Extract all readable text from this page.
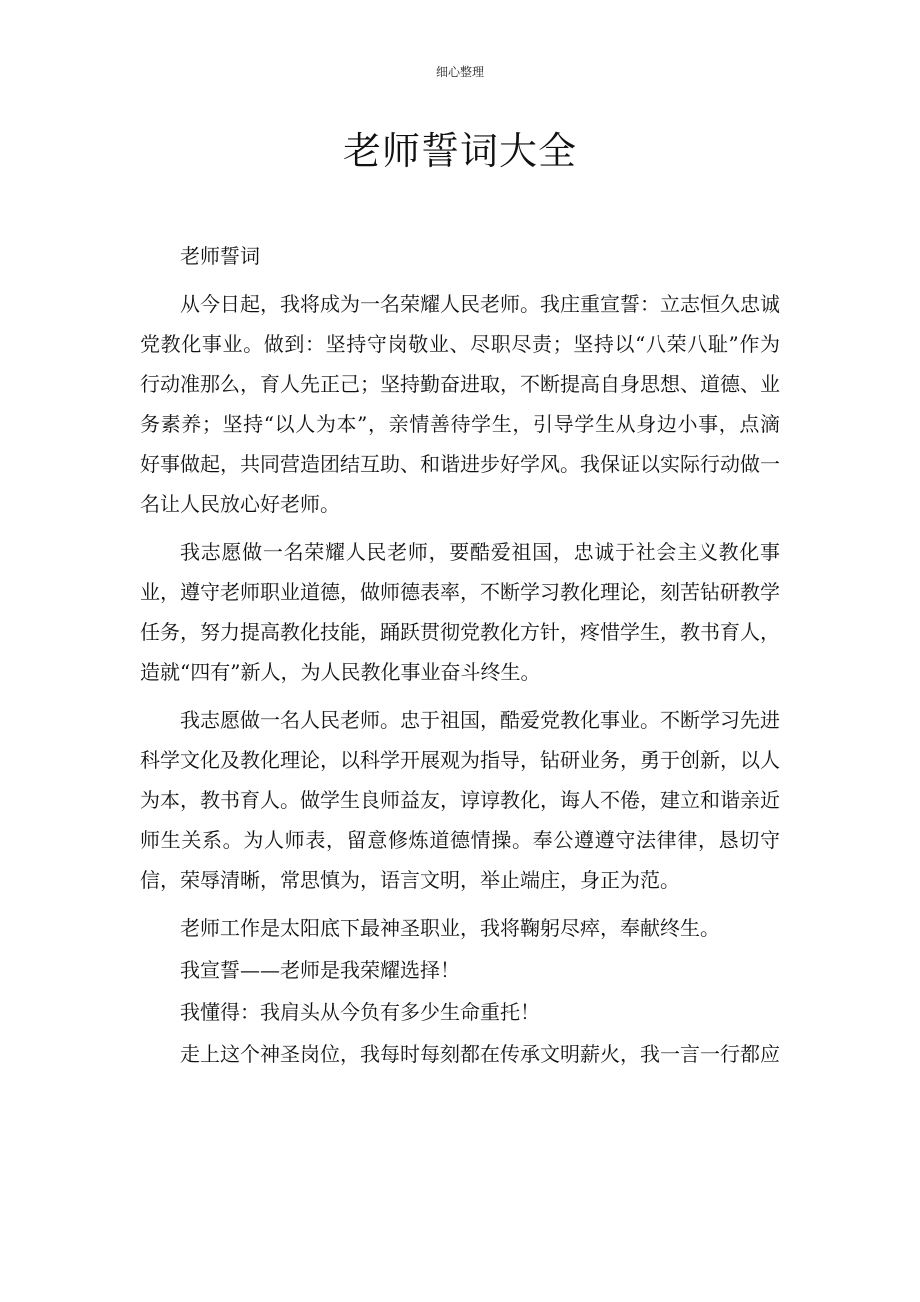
细心整理
老师誓词大全

老师誓词

从今日起，我将成为一名荣耀人民老师。我庄重宣誓：立志恒久忠诚党教化事业。做到：坚持守岗敬业、尽职尽责；坚持以“八荣八耻”作为行动准那么，育人先正己；坚持勤奋进取，不断提高自身思想、道德、业务素养；坚持“以人为本”，亲情善待学生，引导学生从身边小事，点滴好事做起，共同营造团结互助、和谐进步好学风。我保证以实际行动做一名让人民放心好老师。

我志愿做一名荣耀人民老师，要酷爱祖国，忠诚于社会主义教化事业，遵守老师职业道德，做师德表率，不断学习教化理论，刻苦钻研教学任务，努力提高教化技能，踊跃贯彻党教化方针，疼惜学生，教书育人，造就“四有”新人，为人民教化事业奋斗终生。

我志愿做一名人民老师。忠于祖国，酷爱党教化事业。不断学习先进科学文化及教化理论，以科学开展观为指导，钻研业务，勇于创新，以人为本，教书育人。做学生良师益友，谆谆教化，诲人不倦，建立和谐亲近师生关系。为人师表，留意修炼道德情操。奉公遵遵守法律律，恳切守信，荣辱清晰，常思慎为，语言文明，举止端庄，身正为范。

老师工作是太阳底下最神圣职业，我将鞠躬尽瘁，奉献终生。

我宣誓——老师是我荣耀选择！

我懂得：我肩头从今负有多少生命重托！

走上这个神圣岗位，我每时每刻都在传承文明薪火，我一言一行都应
